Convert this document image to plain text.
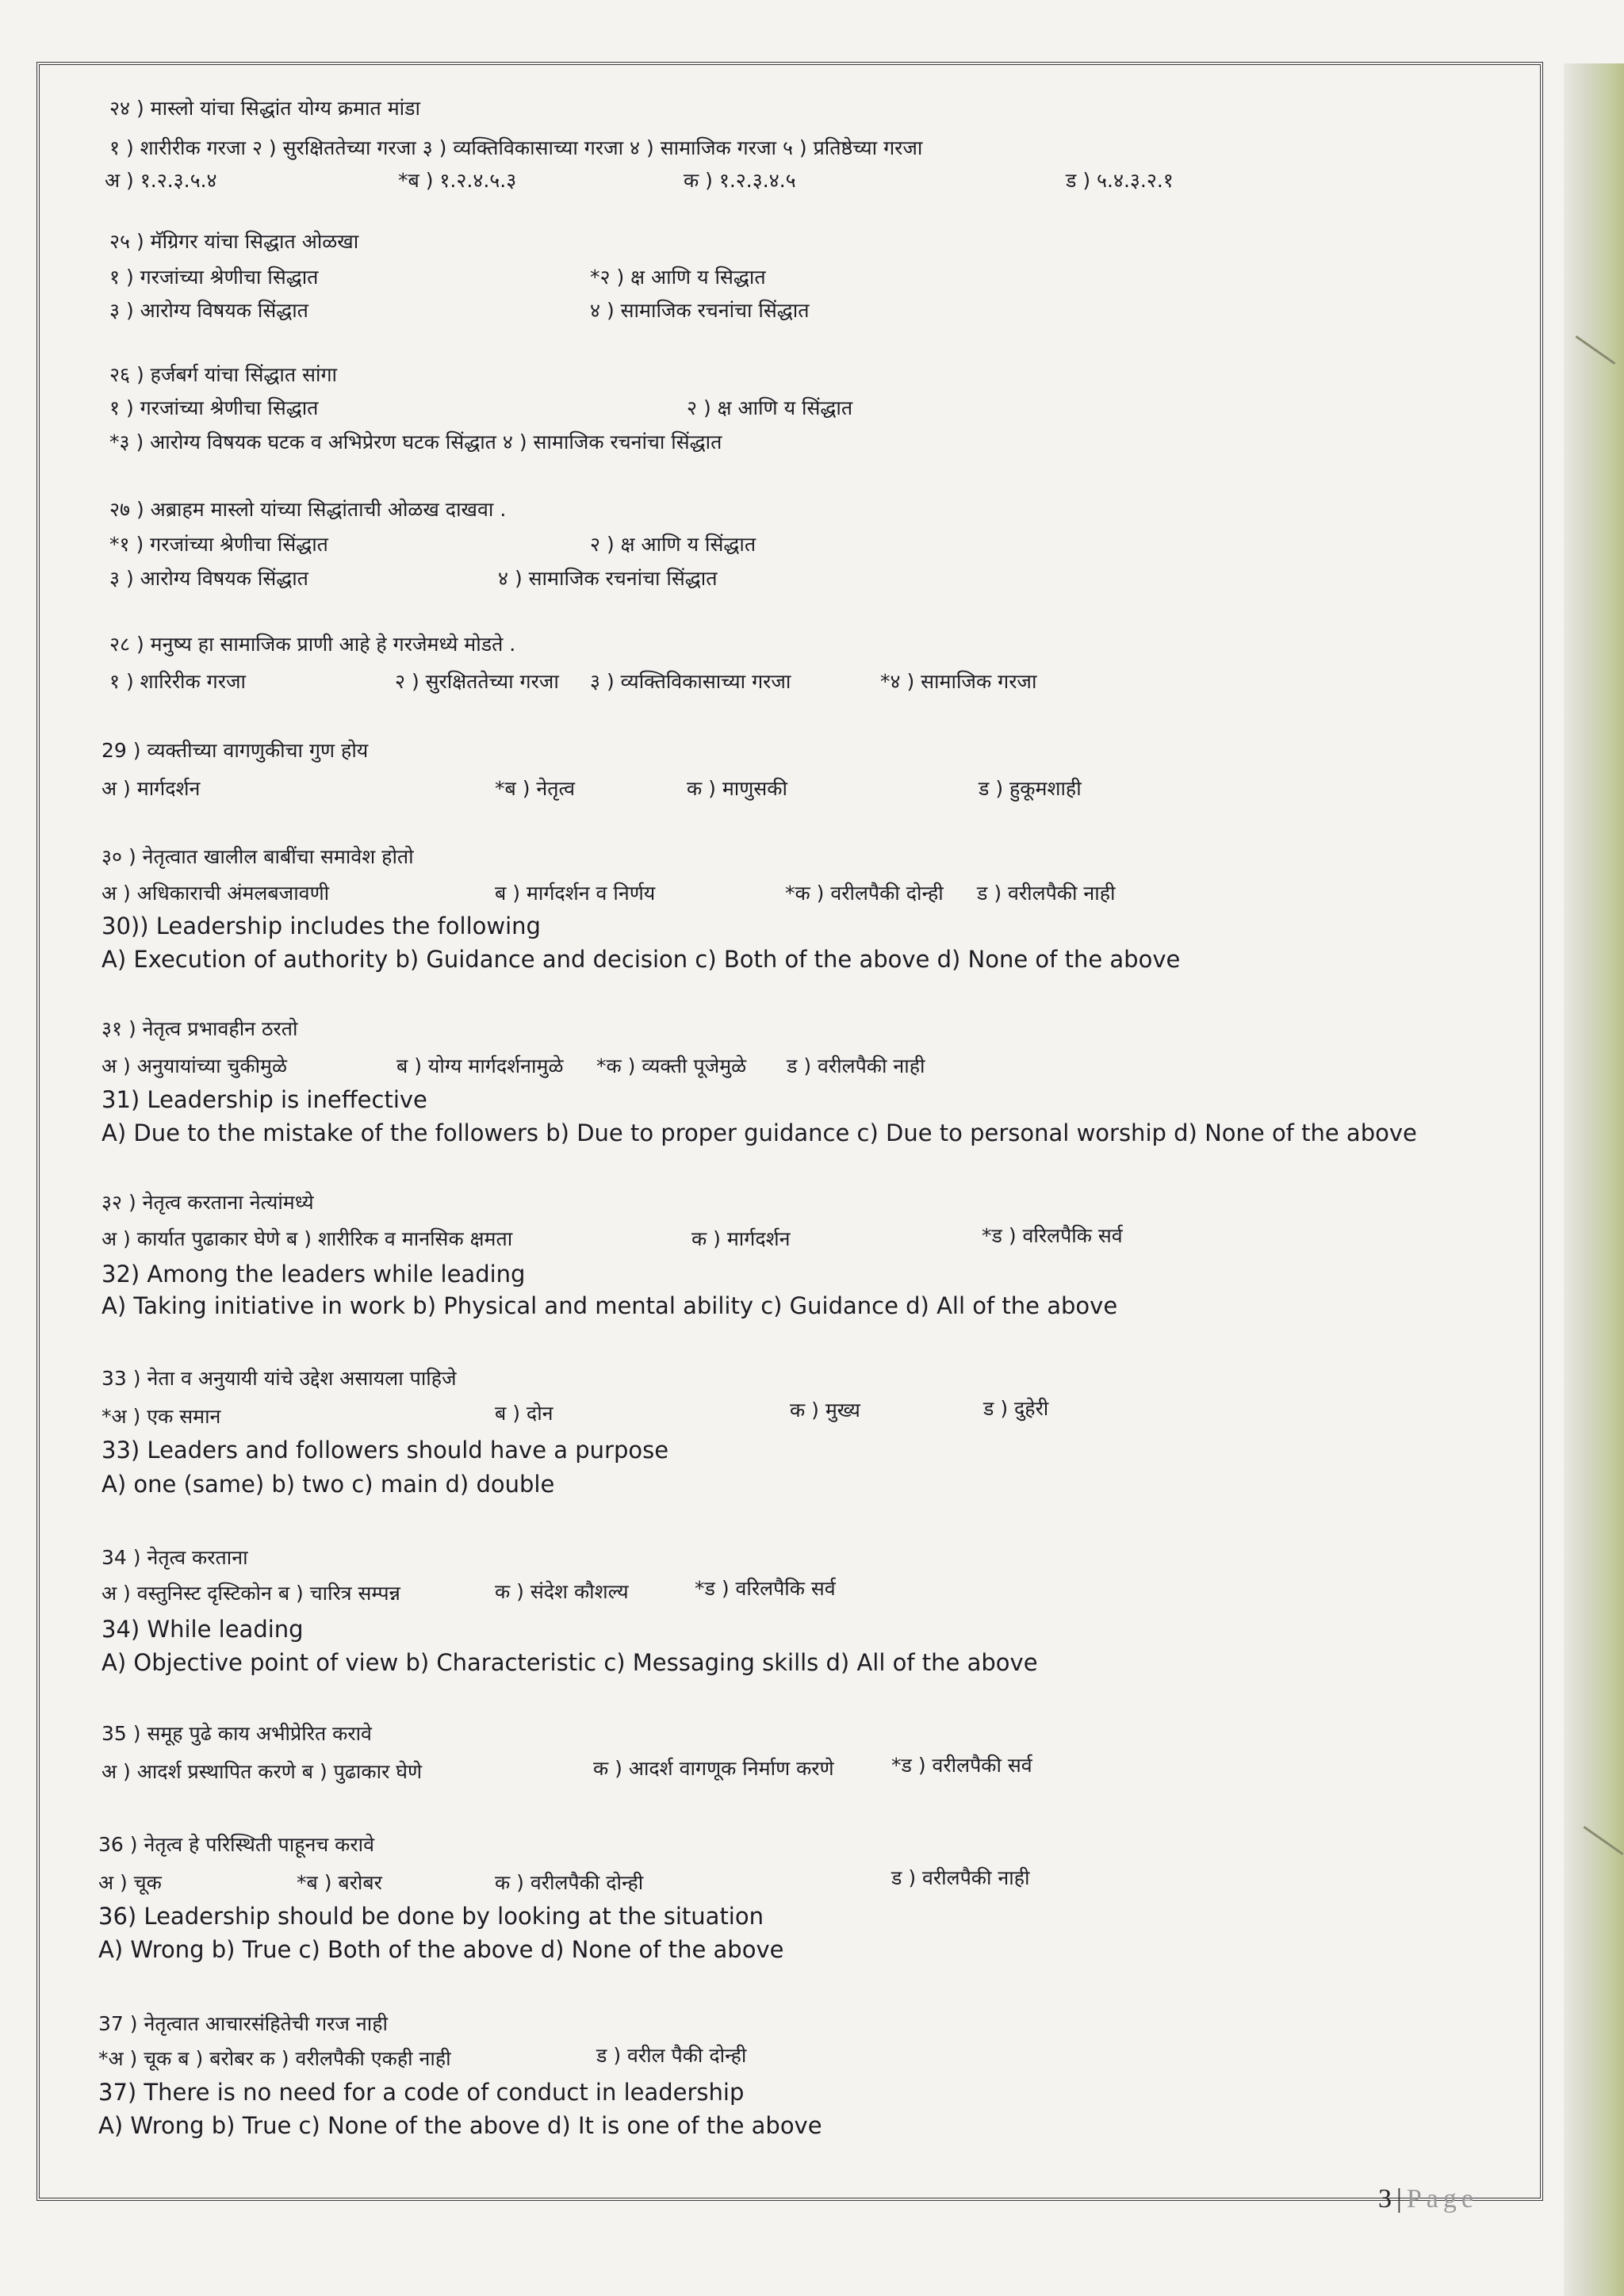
२४ ) मास्लो यांचा सिद्धांत योग्य क्रमात मांडा
१ ) शारीरीक गरजा २ ) सुरक्षिततेच्या गरजा ३ ) व्यक्तिविकासाच्या गरजा ४ ) सामाजिक गरजा ५ ) प्रतिष्ठेच्या गरजा
अ ) १.२.३.५.४	*ब ) १.२.४.५.३	क ) १.२.३.४.५	ड ) ५.४.३.२.१
२५ ) मॅग्रिगर यांचा सिद्धात ओळखा
१ ) गरजांच्या श्रेणीचा सिद्धात	*२ ) क्ष आणि य सिद्धात
३ ) आरोग्य विषयक सिंद्धात	४ ) सामाजिक रचनांचा सिंद्धात
२६ ) हर्जबर्ग यांचा सिंद्धात सांगा
१ ) गरजांच्या श्रेणीचा सिद्धात	२ ) क्ष आणि य सिंद्धात
*३ ) आरोग्य विषयक घटक व अभिप्रेरण घटक सिंद्धात ४ ) सामाजिक रचनांचा सिंद्धात
२७ ) अब्राहम मास्लो यांच्या सिद्धांताची ओळख दाखवा .
*१ ) गरजांच्या श्रेणीचा सिंद्धात	२ ) क्ष आणि य सिंद्धात
३ ) आरोग्य विषयक सिंद्धात	४ ) सामाजिक रचनांचा सिंद्धात
२८ ) मनुष्य हा सामाजिक प्राणी आहे हे गरजेमध्ये मोडते .
१ ) शारिरीक गरजा	२ ) सुरक्षिततेच्या गरजा ३ ) व्यक्तिविकासाच्या गरजा	*४ ) सामाजिक गरजा
29 ) व्यक्तीच्या वागणुकीचा गुण होय
अ ) मार्गदर्शन	*ब ) नेतृत्व	क ) माणुसकी	ड ) हुकूमशाही
३० ) नेतृत्वात खालील बाबींचा समावेश होतो
अ ) अधिकाराची अंमलबजावणी	ब ) मार्गदर्शन व निर्णय	*क ) वरीलपैकी दोन्ही ड ) वरीलपैकी नाही
30)) Leadership includes the following
A) Execution of authority b) Guidance and decision c) Both of the above d) None of the above
३१ ) नेतृत्व प्रभावहीन ठरतो
अ ) अनुयायांच्या चुकीमुळे	ब ) योग्य मार्गदर्शनामुळे *क ) व्यक्ती पूजेमुळे ड ) वरीलपैकी नाही
31) Leadership is ineffective
A) Due to the mistake of the followers b) Due to proper guidance c) Due to personal worship d) None of the above
३२ ) नेतृत्व करताना नेत्यांमध्ये
अ ) कार्यात पुढाकार घेणे ब ) शारीरिक व मानसिक क्षमता	क ) मार्गदर्शन	*ड ) वरिलपैकि सर्व
32) Among the leaders while leading
A) Taking initiative in work b) Physical and mental ability c) Guidance d) All of the above
33 ) नेता व अनुयायी यांचे उद्देश असायला पाहिजे
*अ ) एक समान	ब ) दोन	क ) मुख्य	ड ) दुहेरी
33) Leaders and followers should have a purpose
A) one (same) b) two c) main d) double
34 ) नेतृत्व करताना
अ ) वस्तुनिस्ट दृस्टिकोन ब ) चारित्र सम्पन्न	क ) संदेश कौशल्य	*ड ) वरिलपैकि सर्व
34) While leading
A) Objective point of view b) Characteristic c) Messaging skills d) All of the above
35 ) समूह पुढे काय अभीप्रेरित करावे
अ ) आदर्श प्रस्थापित करणे ब ) पुढाकार घेणे	क ) आदर्श वागणूक निर्माण करणे	*ड ) वरीलपैकी सर्व
36 ) नेतृत्व हे परिस्थिती पाहूनच करावे
अ ) चूक	*ब ) बरोबर	क ) वरीलपैकी दोन्ही	ड ) वरीलपैकी नाही
36) Leadership should be done by looking at the situation
A) Wrong b) True c) Both of the above d) None of the above
37 ) नेतृत्वात आचारसंहितेची गरज नाही
*अ ) चूक ब ) बरोबर क ) वरीलपैकी एकही नाही	ड ) वरील पैकी दोन्ही
37) There is no need for a code of conduct in leadership
A) Wrong b) True c) None of the above d) It is one of the above
3 | Page
